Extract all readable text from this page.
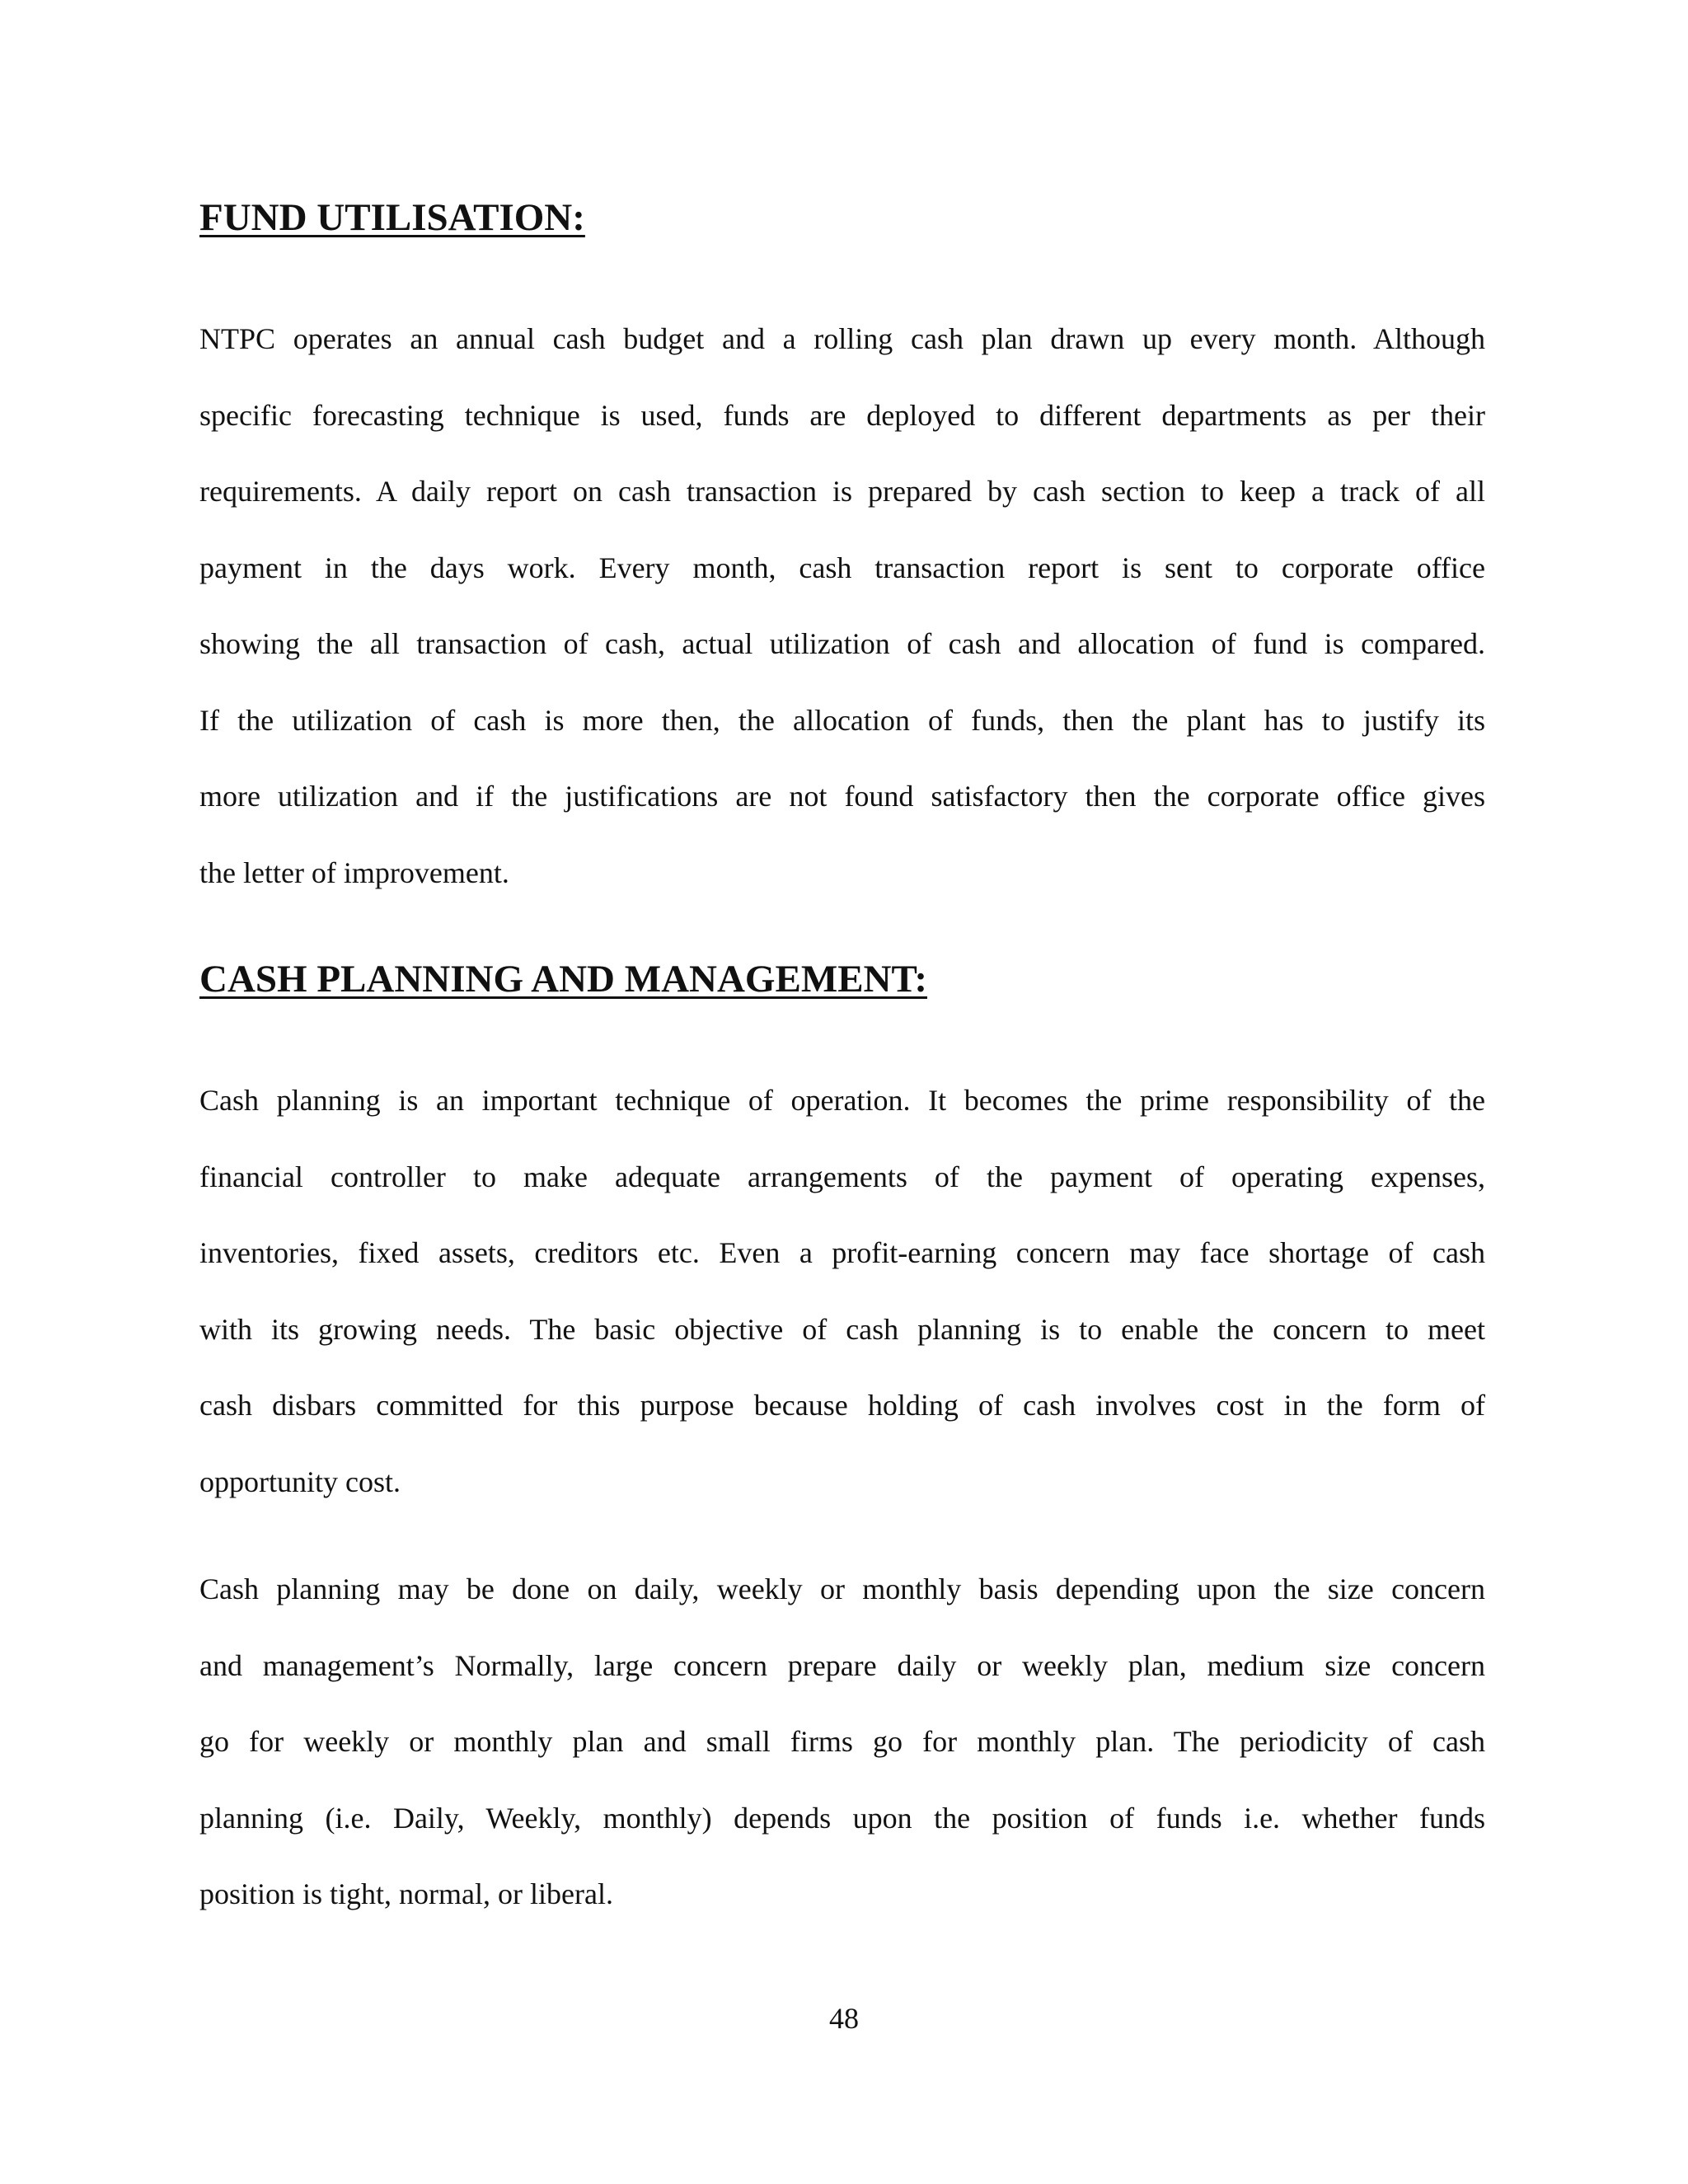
FUND UTILISATION:
NTPC operates an annual cash budget and a rolling cash plan drawn up every month. Although
specific forecasting technique is used, funds are deployed to different departments as per their
requirements. A daily report on cash transaction is prepared by cash section to keep a track of all
payment in the days work. Every month, cash transaction report is sent to corporate office
showing the all transaction of cash, actual utilization of cash and allocation of fund is compared.
If the utilization of cash is more then, the allocation of funds, then the plant has to justify its
more utilization and if the justifications are not found satisfactory then the corporate office gives
the letter of improvement.
CASH PLANNING AND MANAGEMENT:
Cash planning is an important technique of operation. It becomes the prime responsibility of the
financial controller to make adequate arrangements of the payment of operating expenses,
inventories, fixed assets, creditors etc. Even a profit-earning concern may face shortage of cash
with its growing needs. The basic objective of cash planning is to enable the concern to meet
cash disbars committed for this purpose because holding of cash involves cost in the form of
opportunity cost.
Cash planning may be done on daily, weekly or monthly basis depending upon the size concern
and management’s Normally, large concern prepare daily or weekly plan, medium size concern
go for weekly or monthly plan and small firms go for monthly plan. The periodicity of cash
planning (i.e. Daily, Weekly, monthly) depends upon the position of funds i.e. whether funds
position is tight, normal, or liberal.
48
